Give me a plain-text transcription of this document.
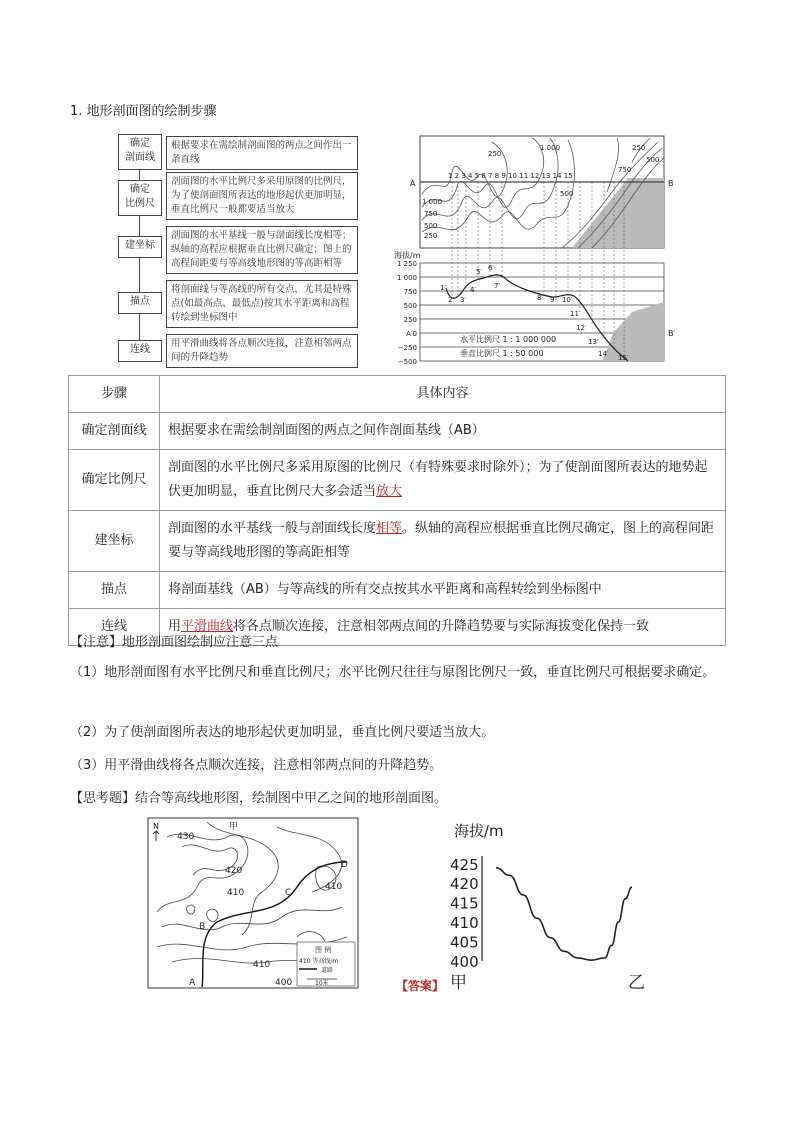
1. 地形剖面图的绘制步骤
确定
剖面线
根据要求在需绘制剖面图的两点之间作出一条直线
确定
比例尺
剖面图的水平比例尺多采用原图的比例尺，为了使剖面图所表达的地形起伏更加明显，垂直比例尺一般都要适当放大
建坐标
剖面图的水平基线一般与剖面线长度相等；纵轴的高程应根据垂直比例尺确定；图上的高程间距要与等高线地形图的等高距相等
描点
将剖面线与等高线的所有交点，尤其是特殊点(如最高点、最低点)按其水平距离和高程转绘到坐标图中
连线
用平滑曲线将各点顺次连接，注意相邻两点间的升降趋势
A	B
1 000
750
500
250
250
500
1 000
750
250
500
1 2 3 4 5 6 7 8 9 10 11 12 13 14 15
海拔/m
1 250
1 000
750
500
250
A′0
−250
−500
B′
1′
2′ 3′
4′
5′ 6′
7′
8′ 9′ 10′
11′
12′
13′
14′ 15′
水平比例尺 1 : 1 000 000
垂直比例尺 1 : 50 000
步骤	具体内容
确定剖面线	根据要求在需绘制剖面图的两点之间作剖面基线（AB）
确定比例尺	剖面图的水平比例尺多采用原图的比例尺（有特殊要求时除外）；为了使剖面图所表达的地势起伏更加明显，垂直比例尺大多会适当放大
建坐标	剖面图的水平基线一般与剖面线长度相等。纵轴的高程应根据垂直比例尺确定，图上的高程间距要与等高线地形图的等高距相等
描点	将剖面基线（AB）与等高线的所有交点按其水平距离和高程转绘到坐标图中
连线	用平滑曲线将各点顺次连接，注意相邻两点间的升降趋势要与实际海拔变化保持一致
【注意】地形剖面图绘制应注意三点
（1）地形剖面图有水平比例尺和垂直比例尺；水平比例尺往往与原图比例尺一致，垂直比例尺可根据要求确定。
（2）为了使剖面图所表达的地形起伏更加明显，垂直比例尺要适当放大。
（3）用平滑曲线将各点顺次连接，注意相邻两点间的升降趋势。
【思考题】结合等高线地形图，绘制图中甲乙之间的地形剖面图。
N	甲
430
420
410
410
410
400
A
B
C
D
图 例
410 等高线/m
道路
10米
海拔/m
425
420
415
410
405
400
甲	乙
【答案】
